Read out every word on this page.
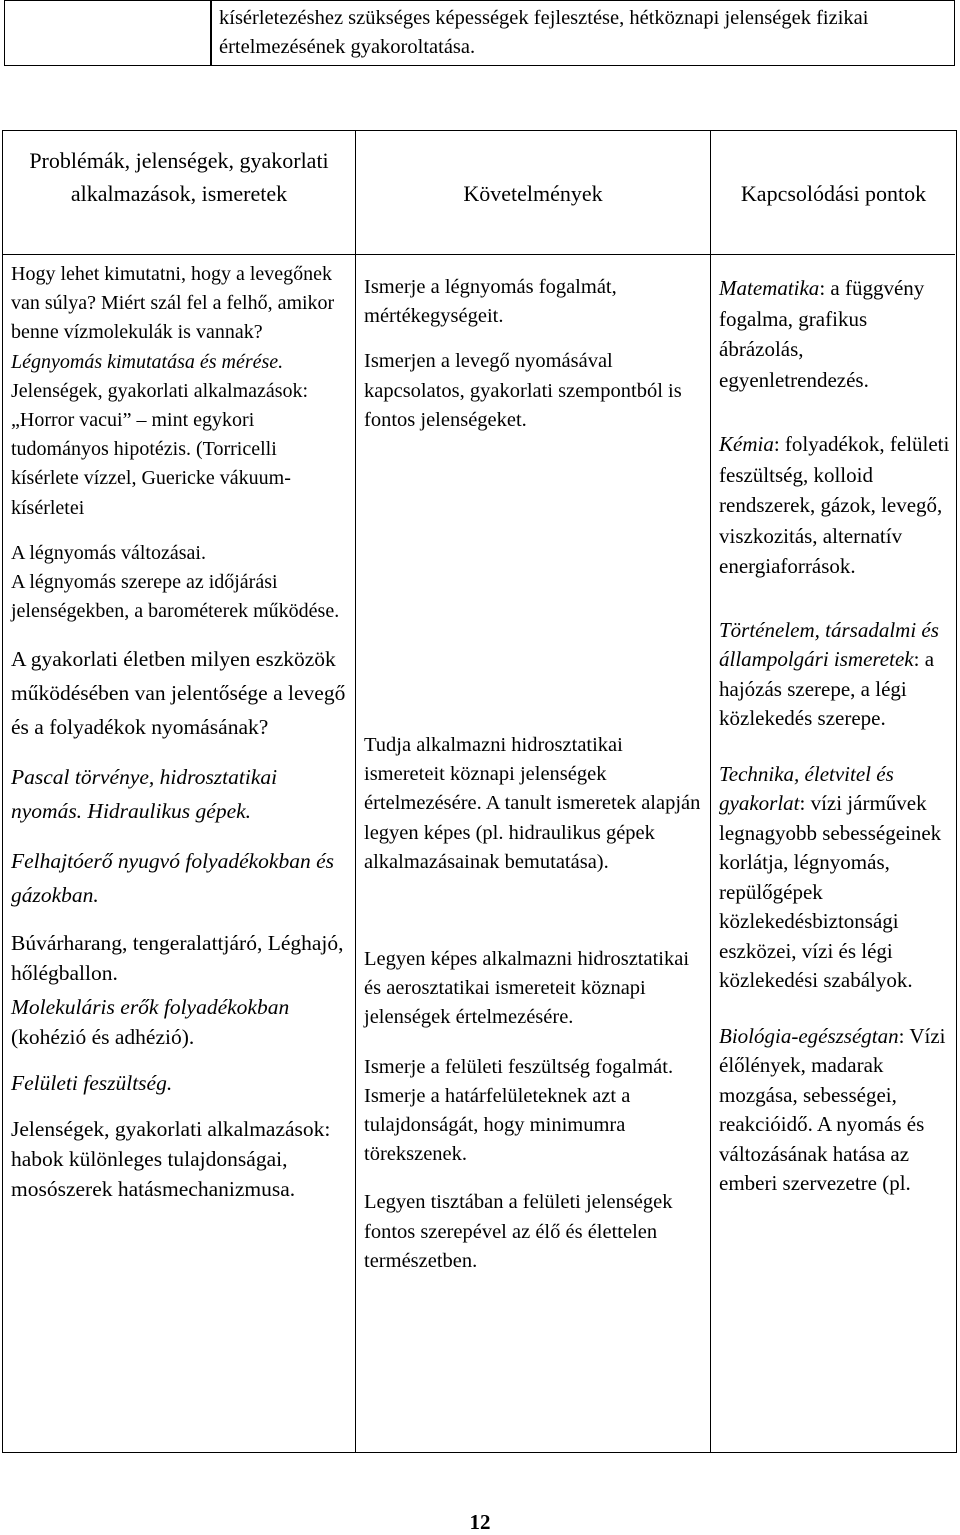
kísérletezéshez szükséges képességek fejlesztése, hétköznapi jelenségek fizikai értelmezésének gyakoroltatása.
Problémák, jelenségek, gyakorlati alkalmazások, ismeretek	Követelmények	Kapcsolódási pontok

Hogy lehet kimutatni, hogy a levegőnek van súlya? Miért szál fel a felhő, amikor benne vízmolekulák is vannak? Légnyomás kimutatása és mérése. Jelenségek, gyakorlati alkalmazások: „Horror vacui” – mint egykori tudományos hipotézis. (Torricelli kísérlete vízzel, Guericke vákuum-kísérletei

A légnyomás változásai.

A légnyomás szerepe az időjárási jelenségekben, a barométerek működése.

A gyakorlati életben milyen eszközök működésében van jelentősége a levegő és a folyadékok nyomásának?

Pascal törvénye, hidrosztatikai nyomás. Hidraulikus gépek.

Felhajtóerő nyugvó folyadékokban és gázokban.

Búvárharang, tengeralattjáró, Léghajó, hőlégballon.

Molekuláris erők folyadékokban (kohézió és adhézió).

Felületi feszültség.

Jelenségek, gyakorlati alkalmazások:

habok különleges tulajdonságai, mosószerek hatásmechanizmusa.

Ismerje a légnyomás fogalmát, mértékegységeit.

Ismerjen a levegő nyomásával kapcsolatos, gyakorlati szempontból is fontos jelenségeket.

Tudja alkalmazni hidrosztatikai ismereteit köznapi jelenségek értelmezésére. A tanult ismeretek alapján legyen képes (pl. hidraulikus gépek alkalmazásainak bemutatása).

Legyen képes alkalmazni hidrosztatikai és aerosztatikai ismereteit köznapi jelenségek értelmezésére.

Ismerje a felületi feszültség fogalmát. Ismerje a határfelületeknek azt a tulajdonságát, hogy minimumra törekszenek.

Legyen tisztában a felületi jelenségek fontos szerepével az élő és élettelen természetben.

Matematika: a függvény fogalma, grafikus ábrázolás, egyenletrendezés.

Kémia: folyadékok, felületi feszültség, kolloid rendszerek, gázok, levegő, viszkozitás, alternatív energiaforrások.

Történelem, társadalmi és állampolgári ismeretek: a hajózás szerepe, a légi közlekedés szerepe.

Technika, életvitel és gyakorlat: vízi járművek legnagyobb sebességeinek korlátja, légnyomás, repülőgépek közlekedésbiztonsági eszközei, vízi és légi közlekedési szabályok.

Biológia-egészségtan: Vízi élőlények, madarak mozgása, sebességei, reakcióidő. A nyomás és változásának hatása az emberi szervezetre (pl.

12
